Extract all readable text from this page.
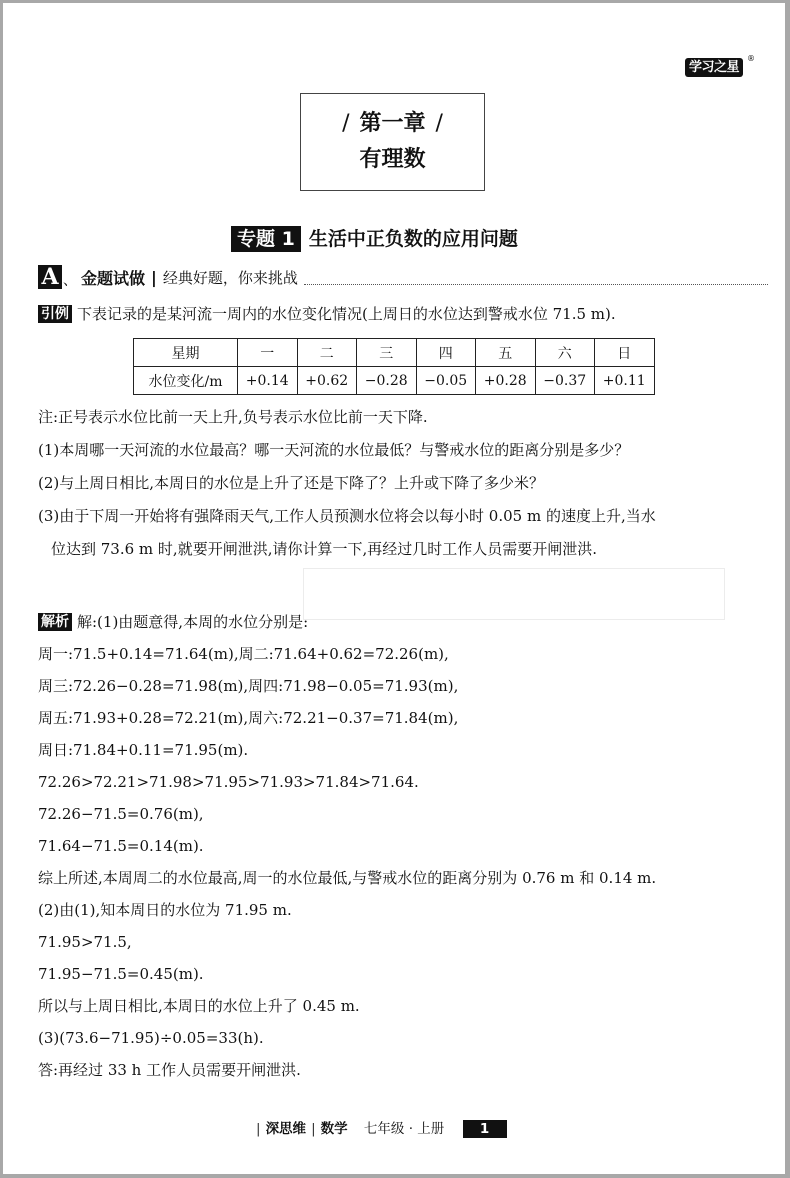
学习之星
®
/ 第一章 /
有理数
专题 1 生活中正负数的应用问题
A 、 金题试做 | 经典好题，你来挑战
引例 下表记录的是某河流一周内的水位变化情况(上周日的水位达到警戒水位 71.5 m).
星期	一	二	三	四	五	六	日
水位变化/m	+0.14	+0.62	−0.28	−0.05	+0.28	−0.37	+0.11
注:正号表示水位比前一天上升,负号表示水位比前一天下降.
(1)本周哪一天河流的水位最高？哪一天河流的水位最低？与警戒水位的距离分别是多少？
(2)与上周日相比,本周日的水位是上升了还是下降了？上升或下降了多少米？
(3)由于下周一开始将有强降雨天气,工作人员预测水位将会以每小时 0.05 m 的速度上升,当水
位达到 73.6 m 时,就要开闸泄洪,请你计算一下,再经过几时工作人员需要开闸泄洪.
解析 解:(1)由题意得,本周的水位分别是:
周一:71.5+0.14=71.64(m),周二:71.64+0.62=72.26(m),
周三:72.26−0.28=71.98(m),周四:71.98−0.05=71.93(m),
周五:71.93+0.28=72.21(m),周六:72.21−0.37=71.84(m),
周日:71.84+0.11=71.95(m).
72.26>72.21>71.98>71.95>71.93>71.84>71.64.
72.26−71.5=0.76(m),
71.64−71.5=0.14(m).
综上所述,本周周二的水位最高,周一的水位最低,与警戒水位的距离分别为 0.76 m 和 0.14 m.
(2)由(1),知本周日的水位为 71.95 m.
71.95>71.5,
71.95−71.5=0.45(m).
所以与上周日相比,本周日的水位上升了 0.45 m.
(3)(73.6−71.95)÷0.05=33(h).
答:再经过 33 h 工作人员需要开闸泄洪.
| 深思维 | 数学 七年级 · 上册	1
